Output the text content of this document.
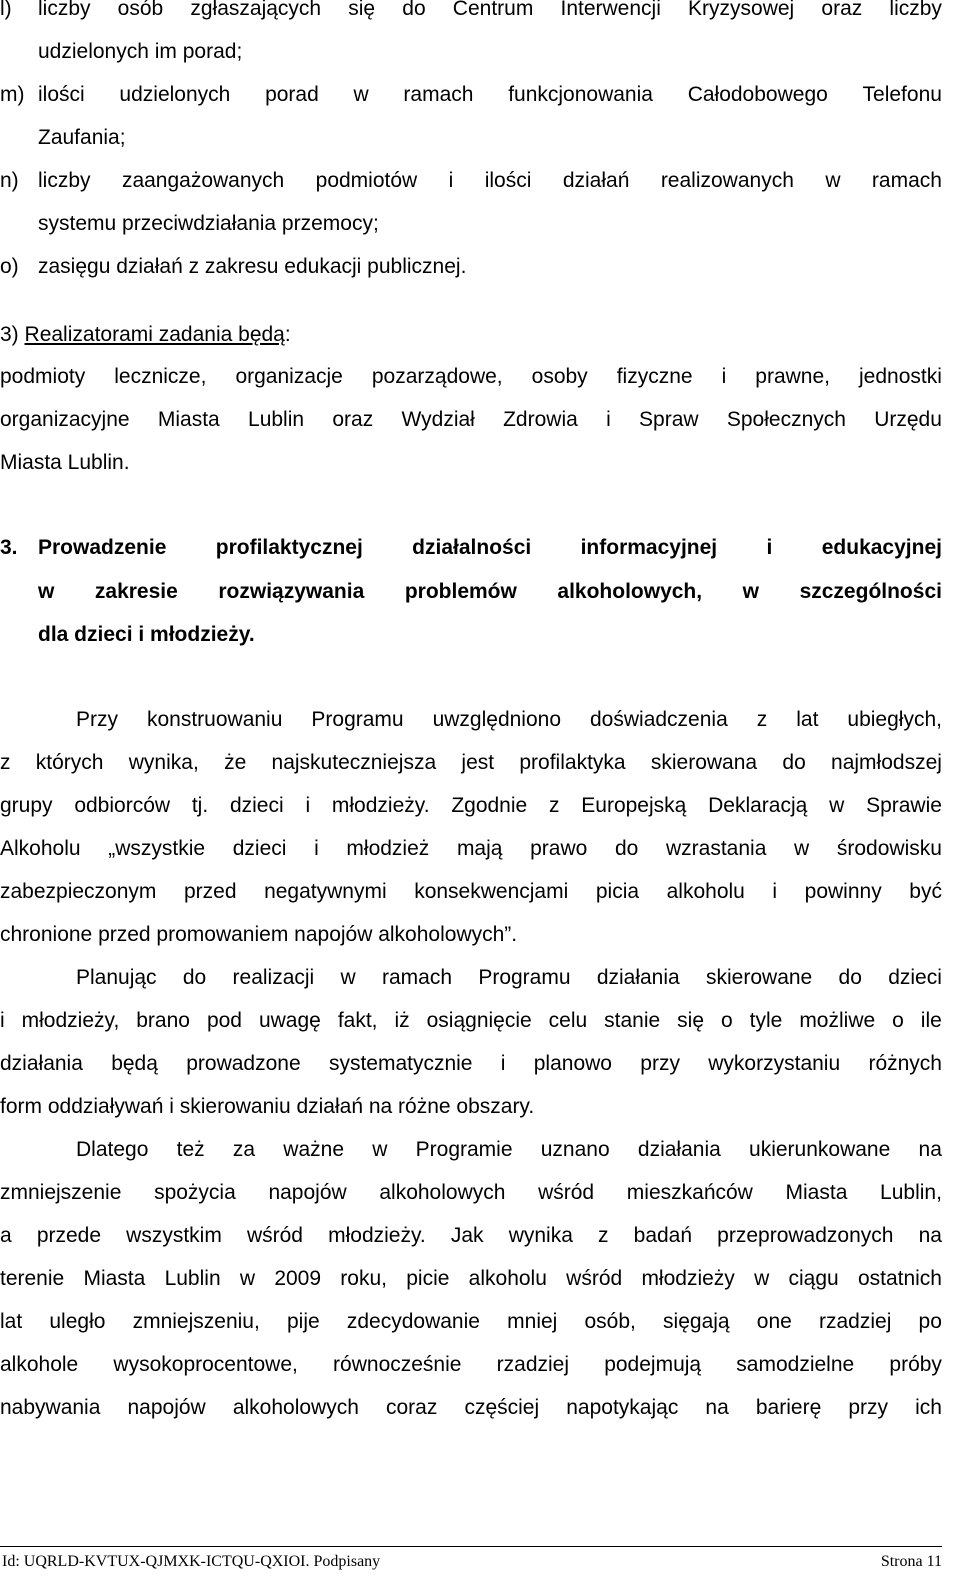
l) liczby osób zgłaszających się do Centrum Interwencji Kryzysowej oraz liczby
udzielonych im porad;
m) ilości udzielonych porad w ramach funkcjonowania Całodobowego Telefonu
Zaufania;
n) liczby zaangażowanych podmiotów i ilości działań realizowanych w ramach
systemu przeciwdziałania przemocy;
o) zasięgu działań z zakresu edukacji publicznej.
3) Realizatorami zadania będą:
podmioty lecznicze, organizacje pozarządowe, osoby fizyczne i prawne, jednostki
organizacyjne Miasta Lublin oraz Wydział Zdrowia i Spraw Społecznych Urzędu
Miasta Lublin.
3. Prowadzenie profilaktycznej działalności informacyjnej i edukacyjnej
w zakresie rozwiązywania problemów alkoholowych, w szczególności
dla dzieci i młodzieży.
Przy konstruowaniu Programu uwzględniono doświadczenia z lat ubiegłych,
z których wynika, że najskuteczniejsza jest profilaktyka skierowana do najmłodszej
grupy odbiorców tj. dzieci i młodzieży. Zgodnie z Europejską Deklaracją w Sprawie
Alkoholu „wszystkie dzieci i młodzież mają prawo do wzrastania w środowisku
zabezpieczonym przed negatywnymi konsekwencjami picia alkoholu i powinny być
chronione przed promowaniem napojów alkoholowych”.
Planując do realizacji w ramach Programu działania skierowane do dzieci
i młodzieży, brano pod uwagę fakt, iż osiągnięcie celu stanie się o tyle możliwe o ile
działania będą prowadzone systematycznie i planowo przy wykorzystaniu różnych
form oddziaływań i skierowaniu działań na różne obszary.
Dlatego też za ważne w Programie uznano działania ukierunkowane na
zmniejszenie spożycia napojów alkoholowych wśród mieszkańców Miasta Lublin,
a przede wszystkim wśród młodzieży. Jak wynika z badań przeprowadzonych na
terenie Miasta Lublin w 2009 roku, picie alkoholu wśród młodzieży w ciągu ostatnich
lat uległo zmniejszeniu, pije zdecydowanie mniej osób, sięgają one rzadziej po
alkohole wysokoprocentowe, równocześnie rzadziej podejmują samodzielne próby
nabywania napojów alkoholowych coraz częściej napotykając na barierę przy ich
Id: UQRLD-KVTUX-QJMXK-ICTQU-QXIOI. Podpisany	Strona 11
